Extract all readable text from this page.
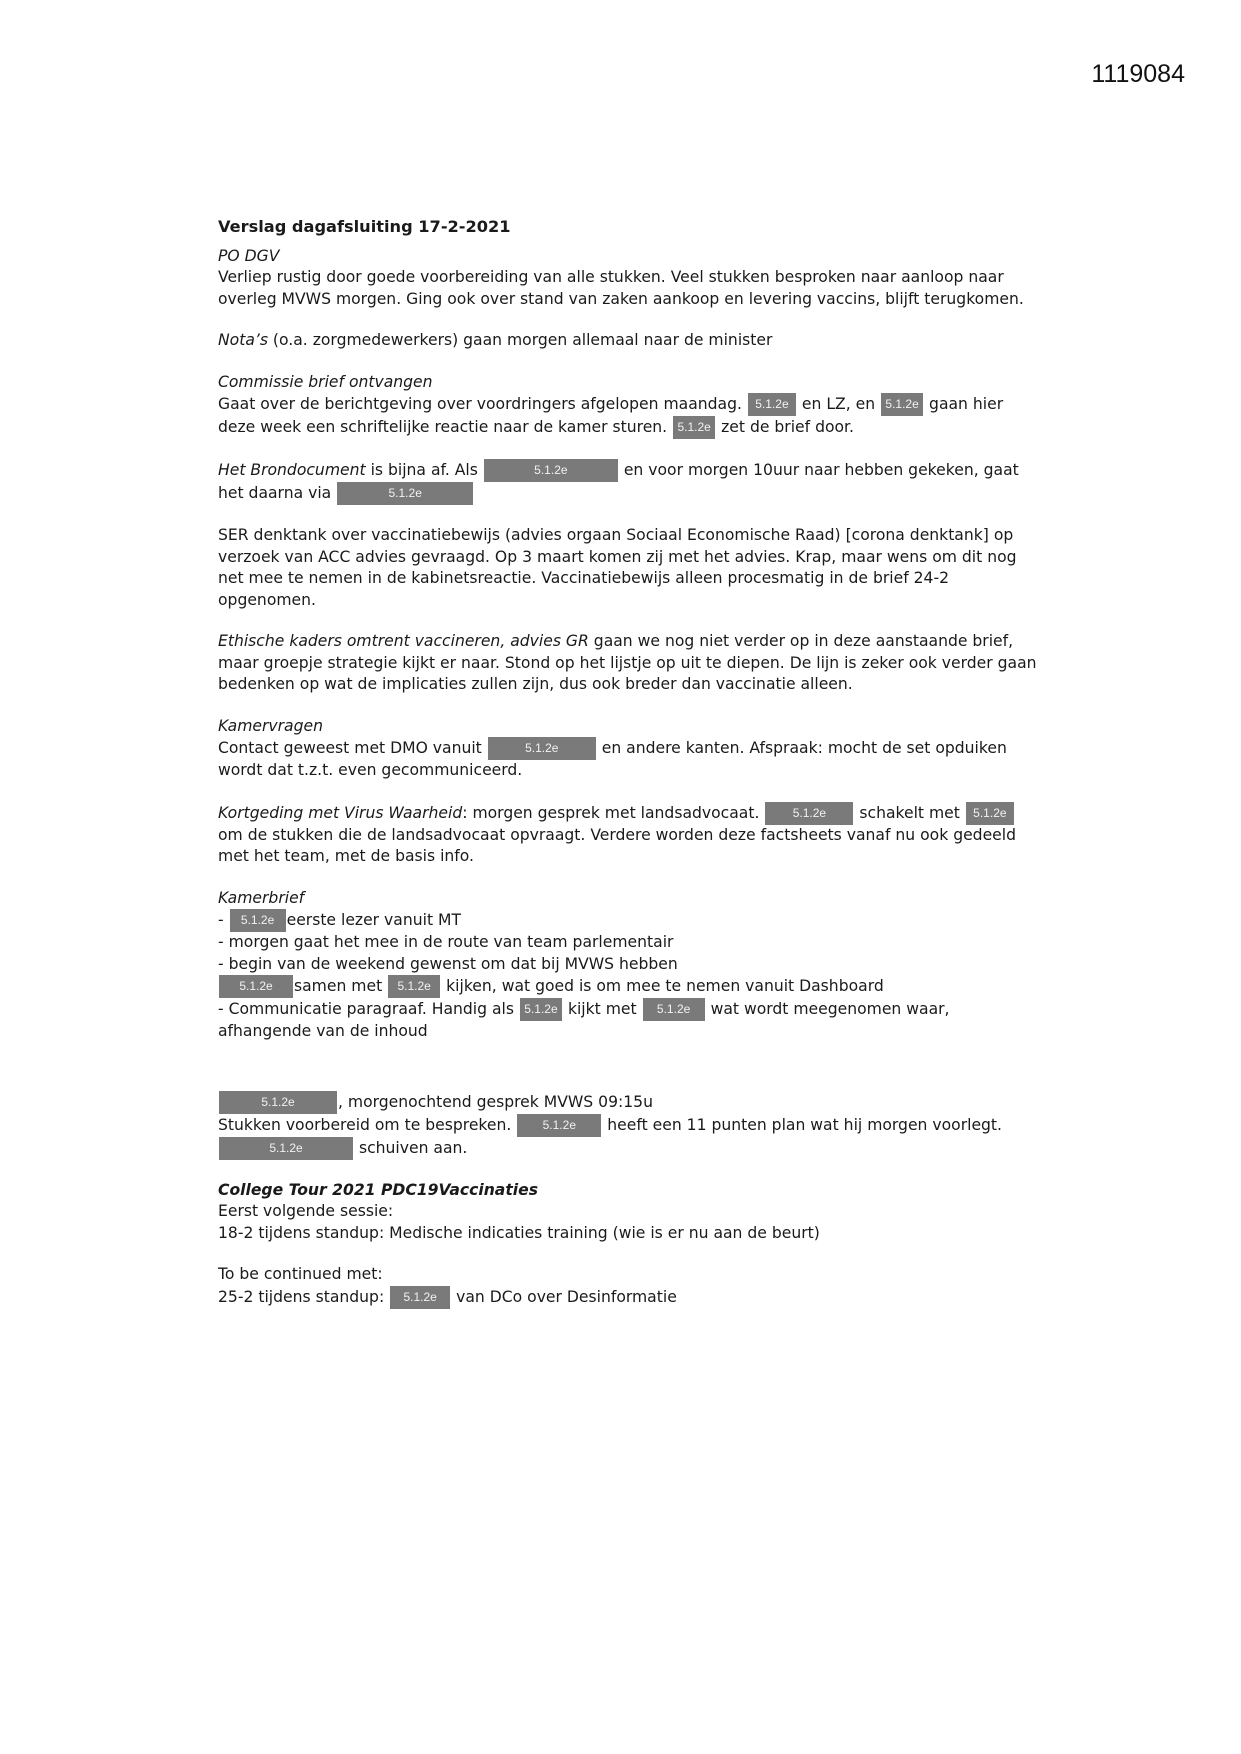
1119084
Verslag dagafsluiting 17-2-2021
PO DGV
Verliep rustig door goede voorbereiding van alle stukken. Veel stukken besproken naar aanloop naar overleg MVWS morgen. Ging ook over stand van zaken aankoop en levering vaccins, blijft terugkomen.

Nota’s (o.a. zorgmedewerkers) gaan morgen allemaal naar de minister

Commissie brief ontvangen
Gaat over de berichtgeving over voordringers afgelopen maandag. 5.1.2e en LZ, en 5.1.2e gaan hier deze week een schriftelijke reactie naar de kamer sturen. 5.1.2e zet de brief door.

Het Brondocument is bijna af. Als	5.1.2e	en voor morgen 10uur naar hebben gekeken, gaat het daarna via	5.1.2e

SER denktank over vaccinatiebewijs (advies orgaan Sociaal Economische Raad) [corona denktank] op verzoek van ACC advies gevraagd. Op 3 maart komen zij met het advies. Krap, maar wens om dit nog net mee te nemen in de kabinetsreactie. Vaccinatiebewijs alleen procesmatig in de brief 24-2 opgenomen.

Ethische kaders omtrent vaccineren, advies GR gaan we nog niet verder op in deze aanstaande brief, maar groepje strategie kijkt er naar. Stond op het lijstje op uit te diepen. De lijn is zeker ook verder gaan bedenken op wat de implicaties zullen zijn, dus ook breder dan vaccinatie alleen.

Kamervragen
Contact geweest met DMO vanuit	5.1.2e	en andere kanten. Afspraak: mocht de set opduiken wordt dat t.z.t. even gecommuniceerd.

Kortgeding met Virus Waarheid: morgen gesprek met landsadvocaat.	5.1.2e schakelt met 5.1.2e om de stukken die de landsadvocaat opvraagt. Verdere worden deze factsheets vanaf nu ook gedeeld met het team, met de basis info.

Kamerbrief
- 5.1.2e eerste lezer vanuit MT
- morgen gaat het mee in de route van team parlementair
- begin van de weekend gewenst om dat bij MVWS hebben
5.1.2e samen met 5.1.2e kijken, wat goed is om mee te nemen vanuit Dashboard
- Communicatie paragraaf. Handig als 5.1.2e kijkt met 5.1.2e wat wordt meegenomen waar, afhangende van de inhoud
5.1.2e	, morgenochtend gesprek MVWS 09:15u
Stukken voorbereid om te bespreken.	5.1.2e heeft een 11 punten plan wat hij morgen voorlegt.
5.1.2e	schuiven aan.
College Tour 2021 PDC19Vaccinaties
Eerst volgende sessie:
18-2 tijdens standup: Medische indicaties training (wie is er nu aan de beurt)
To be continued met:
25-2 tijdens standup: 5.1.2e van DCo over Desinformatie
